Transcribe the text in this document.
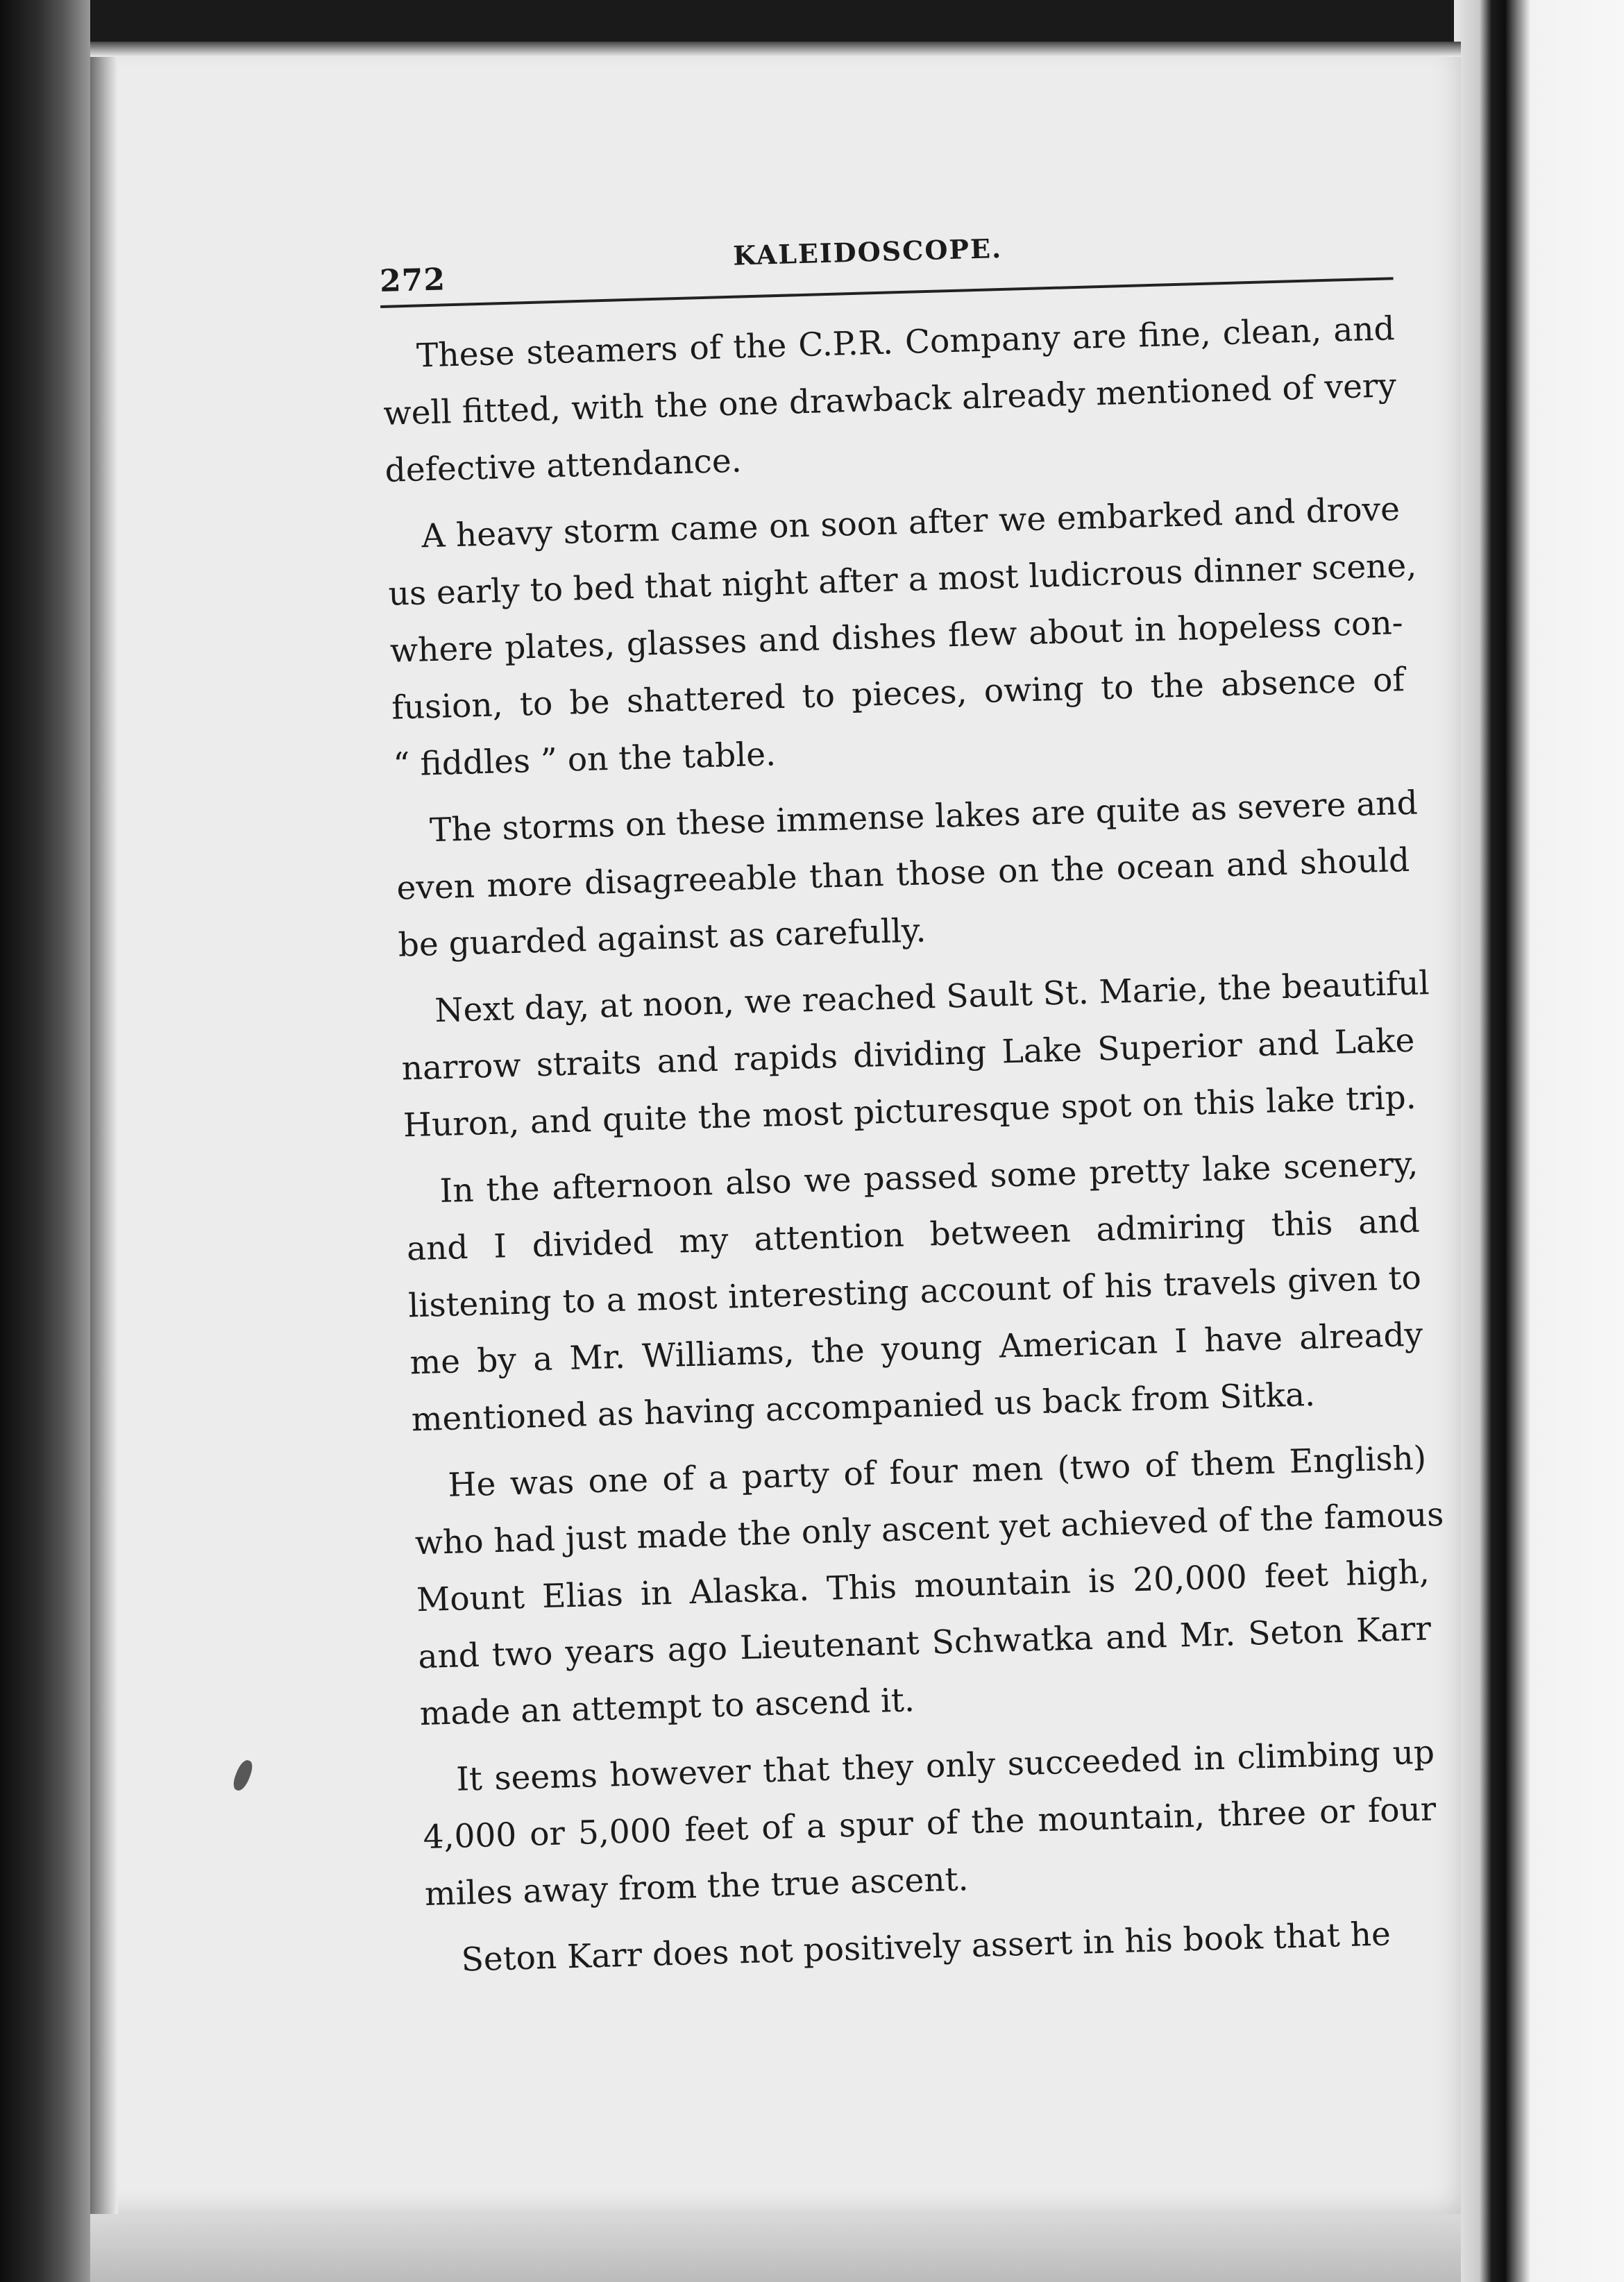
272
KALEIDOSCOPE.
These steamers of the C.P.R. Company are fine, clean, and
well fitted, with the one drawback already mentioned of very
defective attendance.
A heavy storm came on soon after we embarked and drove
us early to bed that night after a most ludicrous dinner scene,
where plates, glasses and dishes flew about in hopeless con-
fusion, to be shattered to pieces, owing to the absence of
“ fiddles ” on the table.
The storms on these immense lakes are quite as severe and
even more disagreeable than those on the ocean and should
be guarded against as carefully.
Next day, at noon, we reached Sault St. Marie, the beautiful
narrow straits and rapids dividing Lake Superior and Lake
Huron, and quite the most picturesque spot on this lake trip.
In the afternoon also we passed some pretty lake scenery,
and I divided my attention between admiring this and
listening to a most interesting account of his travels given to
me by a Mr. Williams, the young American I have already
mentioned as having accompanied us back from Sitka.
He was one of a party of four men (two of them English)
who had just made the only ascent yet achieved of the famous
Mount Elias in Alaska. This mountain is 20,000 feet high,
and two years ago Lieutenant Schwatka and Mr. Seton Karr
made an attempt to ascend it.
It seems however that they only succeeded in climbing up
4,000 or 5,000 feet of a spur of the mountain, three or four
miles away from the true ascent.
Seton Karr does not positively assert in his book that he
